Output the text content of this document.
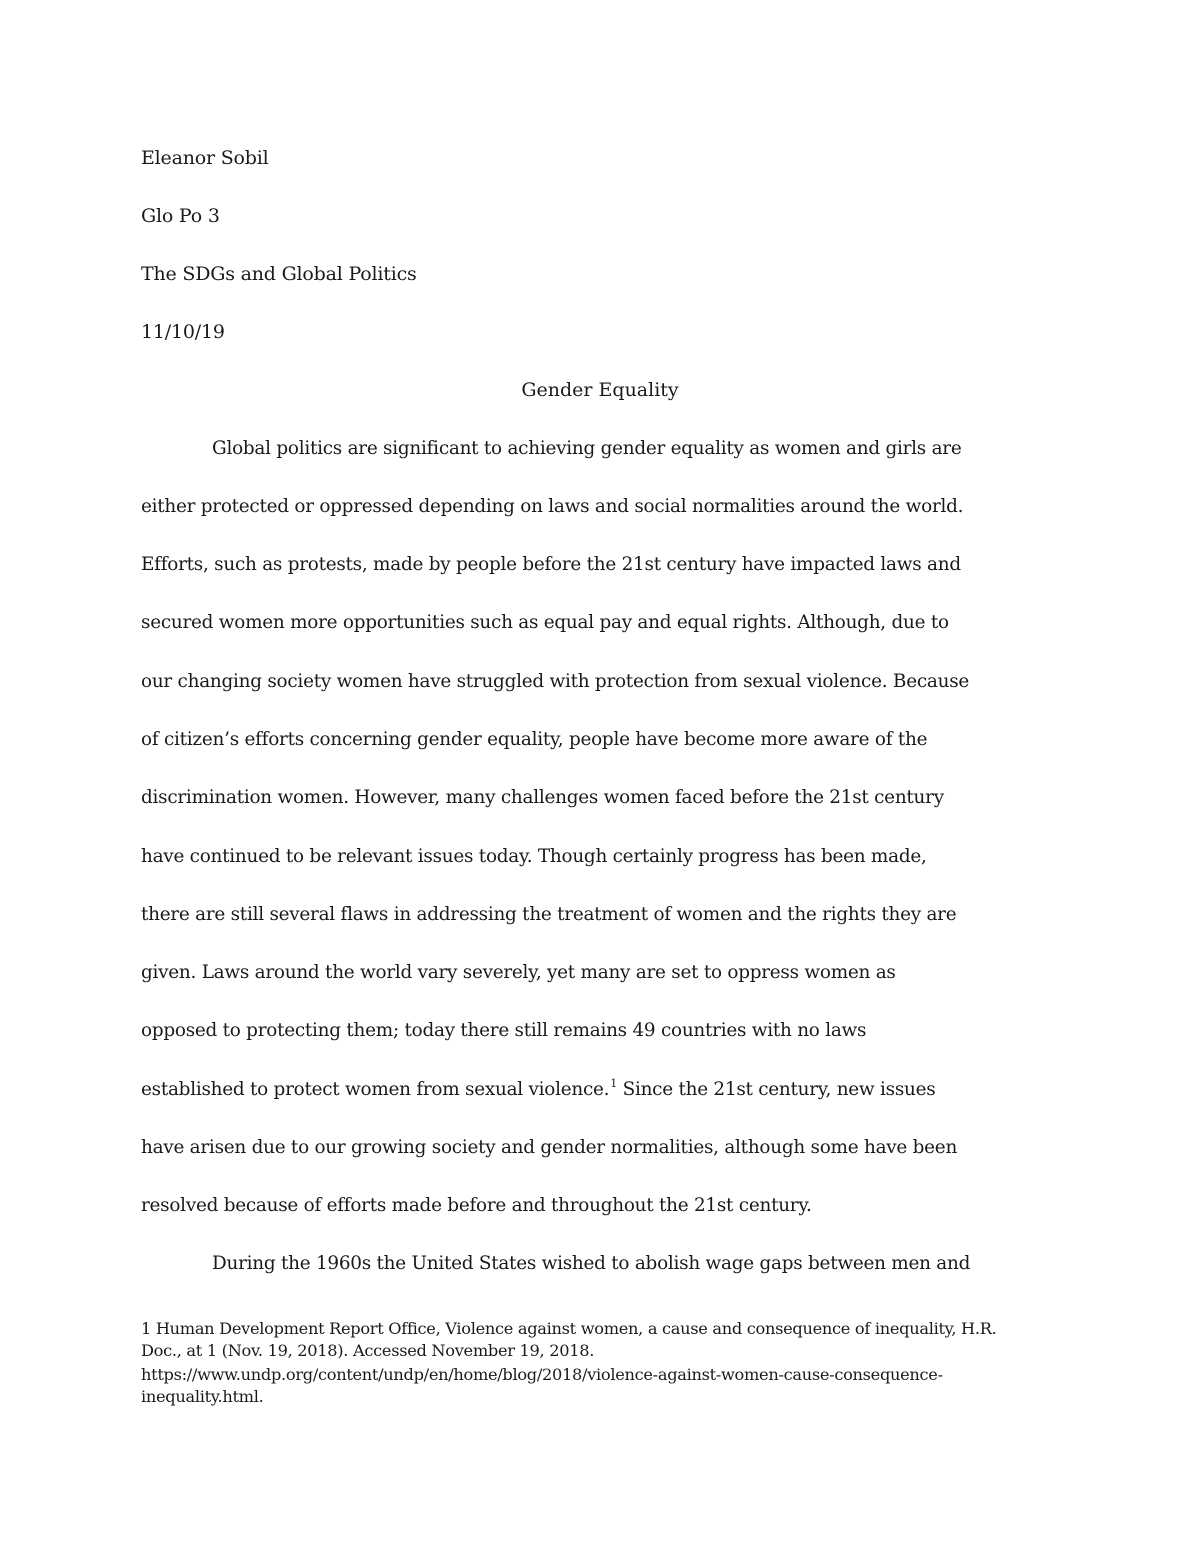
Eleanor Sobil
Glo Po 3
The SDGs and Global Politics
11/10/19
Gender Equality
Global politics are significant to achieving gender equality as women and girls are
either protected or oppressed depending on laws and social normalities around the world.
Efforts, such as protests, made by people before the 21st century have impacted laws and
secured women more opportunities such as equal pay and equal rights. Although, due to
our changing society women have struggled with protection from sexual violence. Because
of citizen’s efforts concerning gender equality, people have become more aware of the
discrimination women. However, many challenges women faced before the 21st century
have continued to be relevant issues today. Though certainly progress has been made,
there are still several flaws in addressing the treatment of women and the rights they are
given. Laws around the world vary severely, yet many are set to oppress women as
opposed to protecting them; today there still remains 49 countries with no laws
established to protect women from sexual violence.$^1$ Since the 21st century, new issues
have arisen due to our growing society and gender normalities, although some have been
resolved because of efforts made before and throughout the 21st century.
During the 1960s the United States wished to abolish wage gaps between men and
1 Human Development Report Office, Violence against women, a cause and consequence of inequality, H.R.
Doc., at 1 (Nov. 19, 2018). Accessed November 19, 2018.
https://www.undp.org/content/undp/en/home/blog/2018/violence-against-women-cause-consequence-
inequality.html.
